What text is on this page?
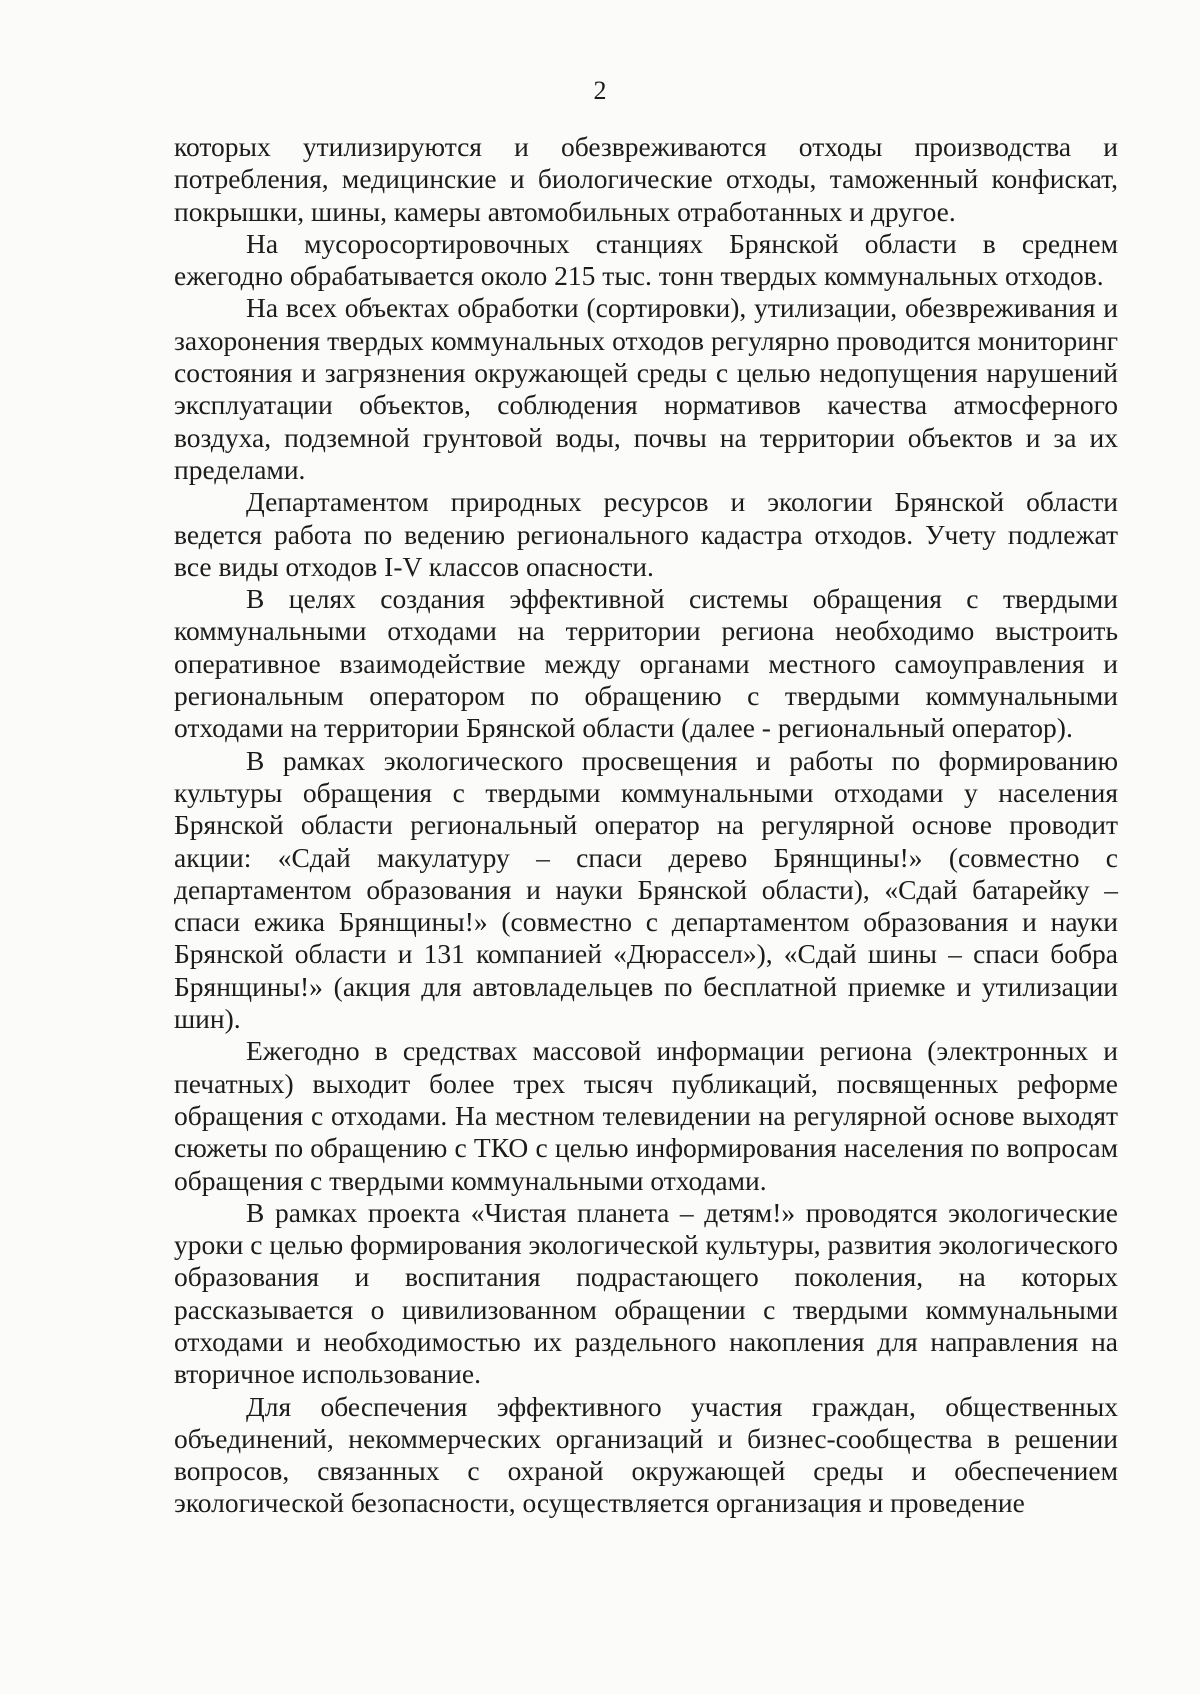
2

которых утилизируются и обезвреживаются отходы производства и потребления, медицинские и биологические отходы, таможенный конфискат, покрышки, шины, камеры автомобильных отработанных и другое.

На мусоросортировочных станциях Брянской области в среднем ежегодно обрабатывается около 215 тыс. тонн твердых коммунальных отходов.

На всех объектах обработки (сортировки), утилизации, обезвреживания и захоронения твердых коммунальных отходов регулярно проводится мониторинг состояния и загрязнения окружающей среды с целью недопущения нарушений эксплуатации объектов, соблюдения нормативов качества атмосферного воздуха, подземной грунтовой воды, почвы на территории объектов и за их пределами.

Департаментом природных ресурсов и экологии Брянской области ведется работа по ведению регионального кадастра отходов. Учету подлежат все виды отходов I-V классов опасности.

В целях создания эффективной системы обращения с твердыми коммунальными отходами на территории региона необходимо выстроить оперативное взаимодействие между органами местного самоуправления и региональным оператором по обращению с твердыми коммунальными отходами на территории Брянской области (далее - региональный оператор).

В рамках экологического просвещения и работы по формированию культуры обращения с твердыми коммунальными отходами у населения Брянской области региональный оператор на регулярной основе проводит акции: «Сдай макулатуру – спаси дерево Брянщины!» (совместно с департаментом образования и науки Брянской области), «Сдай батарейку – спаси ежика Брянщины!» (совместно с департаментом образования и науки Брянской области и 131 компанией «Дюрассел»), «Сдай шины – спаси бобра Брянщины!» (акция для автовладельцев по бесплатной приемке и утилизации шин).

Ежегодно в средствах массовой информации региона (электронных и печатных) выходит более трех тысяч публикаций, посвященных реформе обращения с отходами. На местном телевидении на регулярной основе выходят сюжеты по обращению с ТКО с целью информирования населения по вопросам обращения с твердыми коммунальными отходами.

В рамках проекта «Чистая планета – детям!» проводятся экологические уроки с целью формирования экологической культуры, развития экологического образования и воспитания подрастающего поколения, на которых рассказывается о цивилизованном обращении с твердыми коммунальными отходами и необходимостью их раздельного накопления для направления на вторичное использование.

Для обеспечения эффективного участия граждан, общественных объединений, некоммерческих организаций и бизнес-сообщества в решении вопросов, связанных с охраной окружающей среды и обеспечением экологической безопасности, осуществляется организация и проведение
